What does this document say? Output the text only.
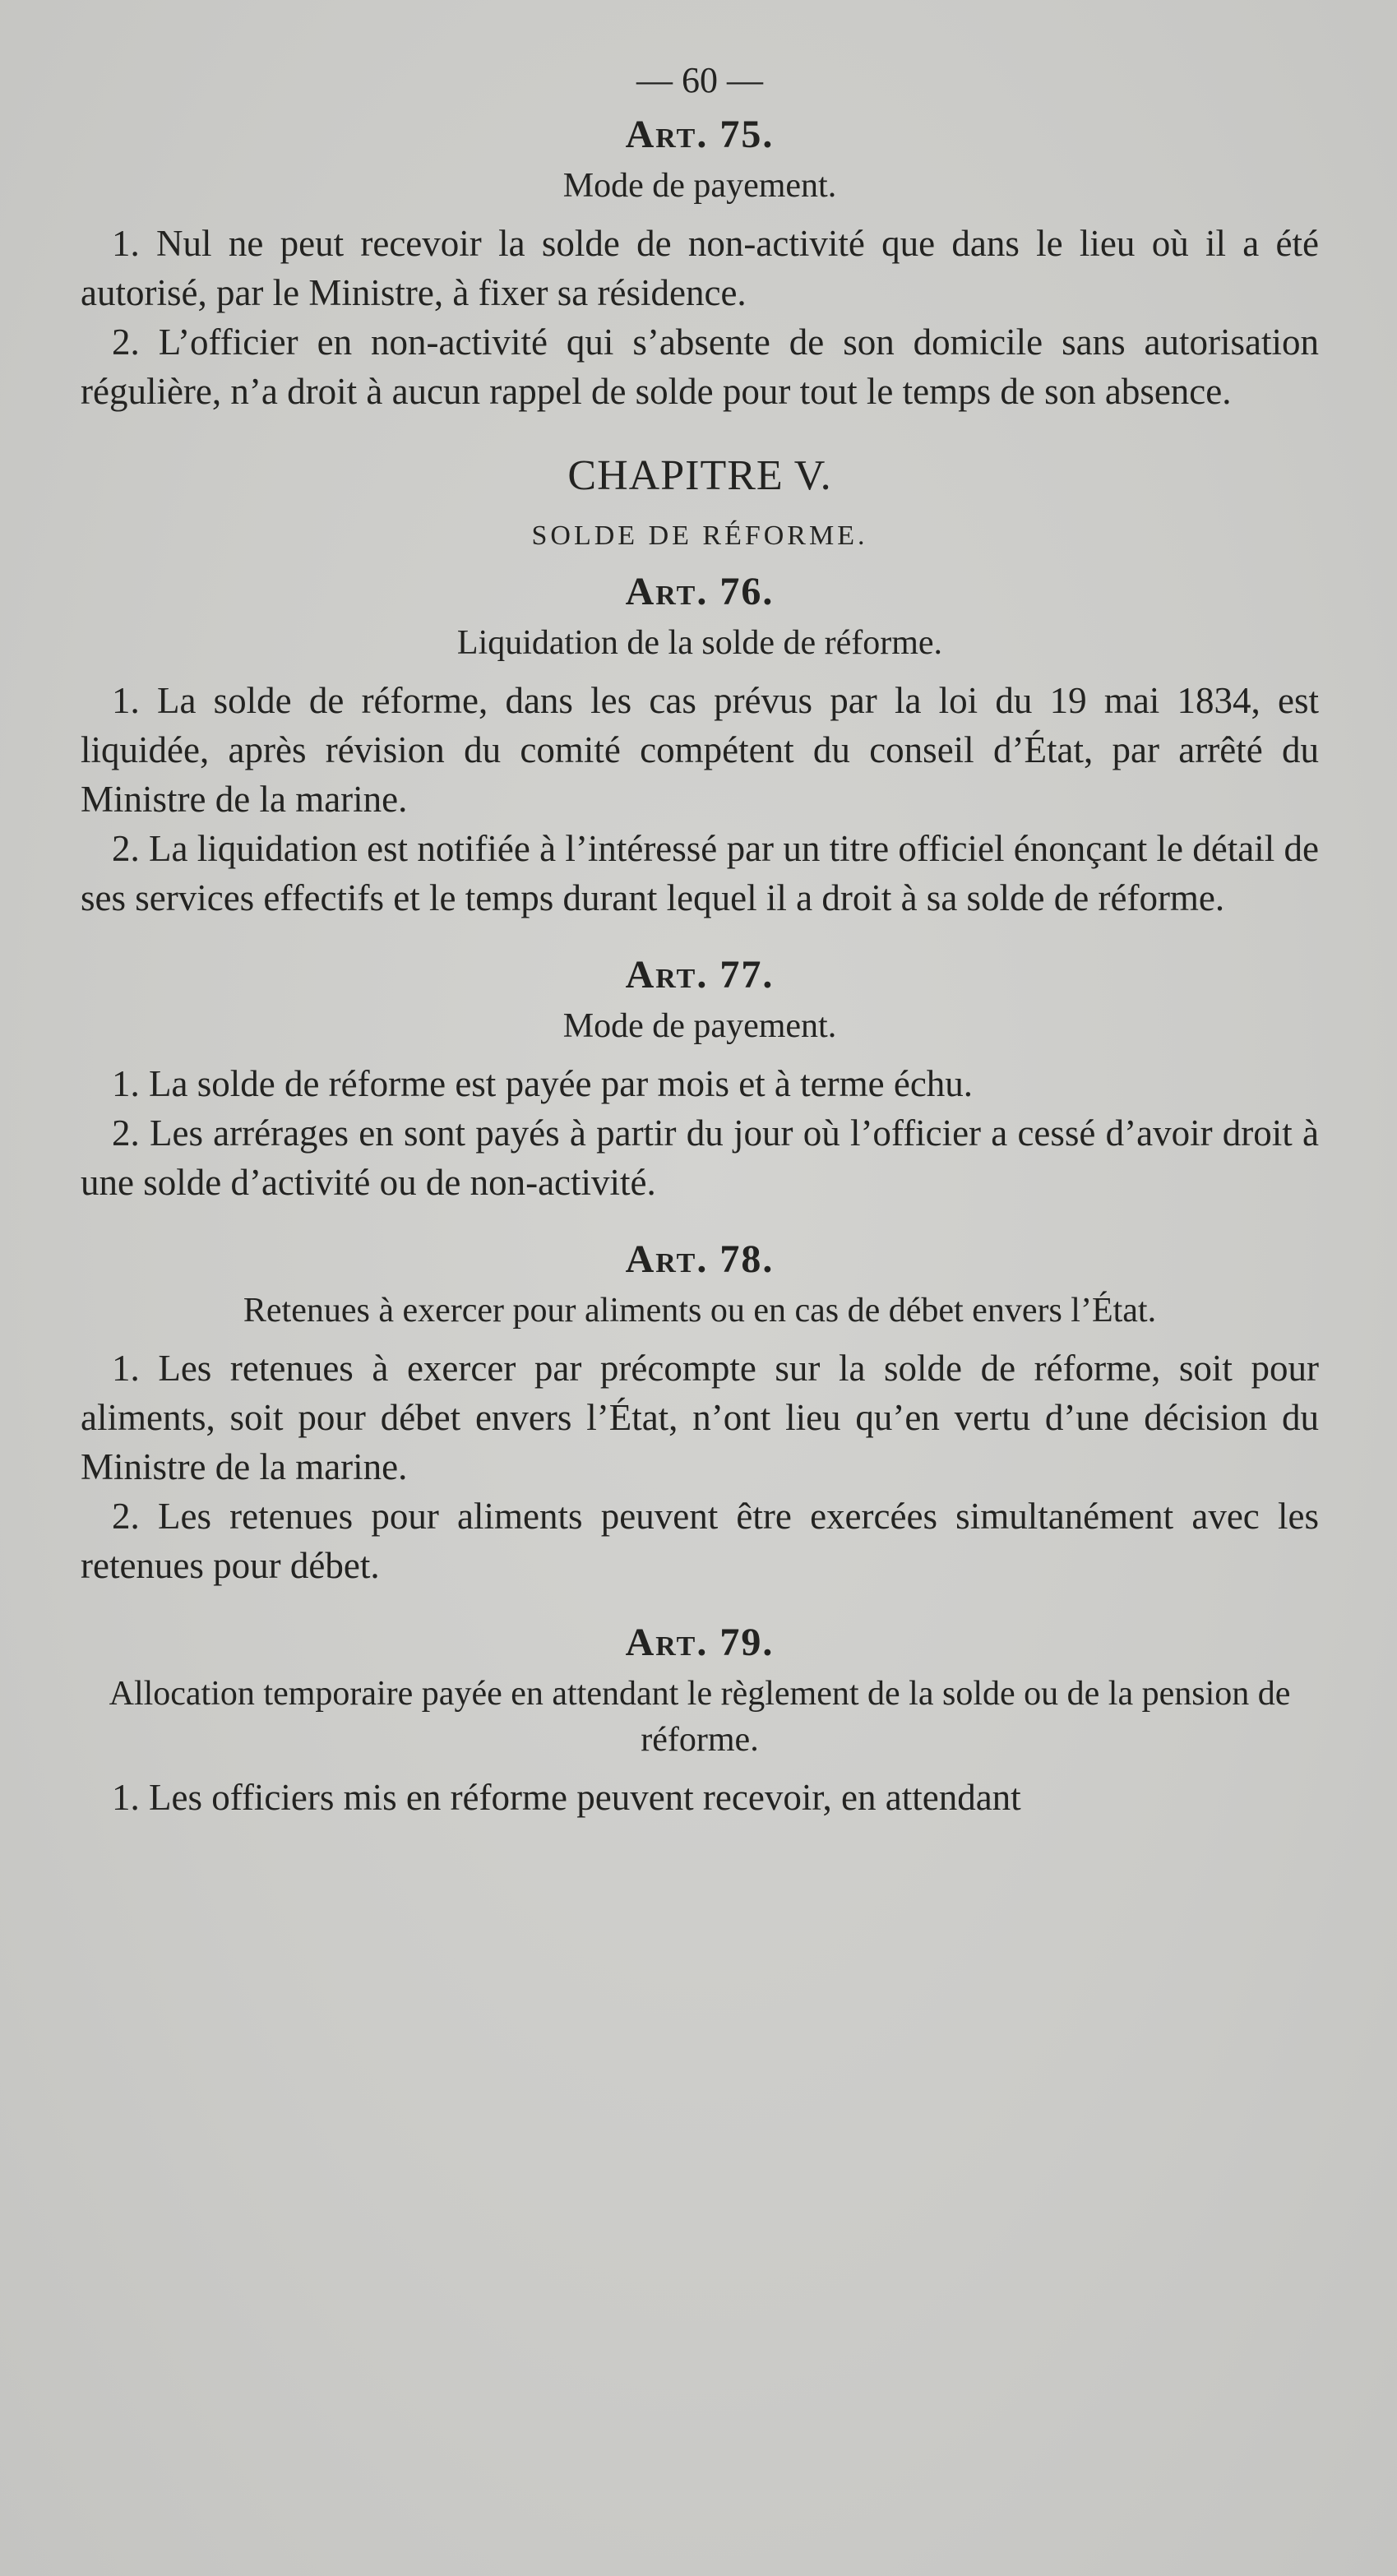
— 60 —
Art. 75.
Mode de payement.

1. Nul ne peut recevoir la solde de non-activité que dans le lieu où il a été autorisé, par le Ministre, à fixer sa résidence.

2. L’officier en non-activité qui s’absente de son domicile sans autorisation régulière, n’a droit à aucun rappel de solde pour tout le temps de son absence.

CHAPITRE V.
SOLDE DE RÉFORME.
Art. 76.
Liquidation de la solde de réforme.

1. La solde de réforme, dans les cas prévus par la loi du 19 mai 1834, est liquidée, après révision du comité compétent du conseil d’État, par arrêté du Ministre de la marine.

2. La liquidation est notifiée à l’intéressé par un titre officiel énonçant le détail de ses services effectifs et le temps durant lequel il a droit à sa solde de réforme.

Art. 77.
Mode de payement.

1. La solde de réforme est payée par mois et à terme échu.

2. Les arrérages en sont payés à partir du jour où l’officier a cessé d’avoir droit à une solde d’activité ou de non-activité.

Art. 78.
Retenues à exercer pour aliments ou en cas de débet envers l’État.

1. Les retenues à exercer par précompte sur la solde de réforme, soit pour aliments, soit pour débet envers l’État, n’ont lieu qu’en vertu d’une décision du Ministre de la marine.

2. Les retenues pour aliments peuvent être exercées simultanément avec les retenues pour débet.

Art. 79.
Allocation temporaire payée en attendant le règlement de la solde ou de la pension de réforme.

1. Les officiers mis en réforme peuvent recevoir, en attendant
